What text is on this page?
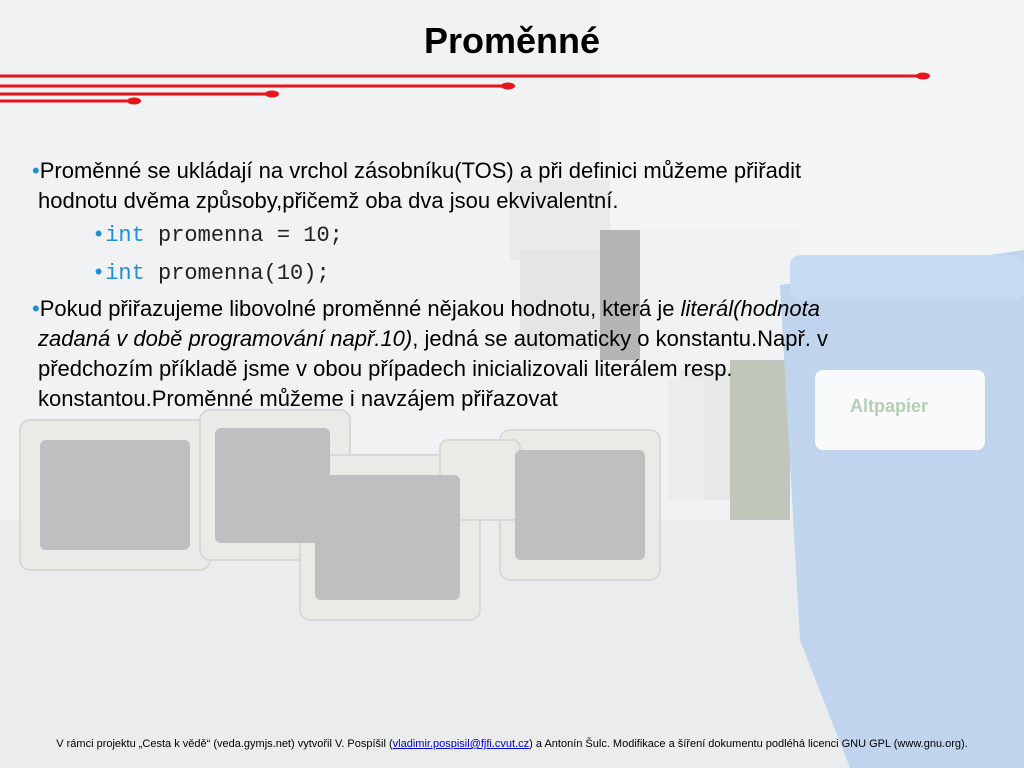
Proměnné

•Proměnné se ukládají na vrchol zásobníku(TOS) a při definici můžeme přiřadit hodnotu dvěma způsoby,přičemž oba dva jsou ekvivalentní.

•int promenna = 10;
•int promenna(10);

•Pokud přiřazujeme libovolné proměnné nějakou hodnotu, která je literál(hodnota zadaná v době programování např.10), jedná se automaticky o konstantu.Např. v předchozím příkladě jsme v obou případech inicializovali literálem resp. konstantou.Proměnné můžeme i navzájem přiřazovat

V rámci projektu „Cesta k vědě“ (veda.gymjs.net) vytvořil V. Pospíšil (vladimir.pospisil@fjfi.cvut.cz) a Antonín Šulc. Modifikace a šíření dokumentu podléhá licenci GNU GPL (www.gnu.org).
